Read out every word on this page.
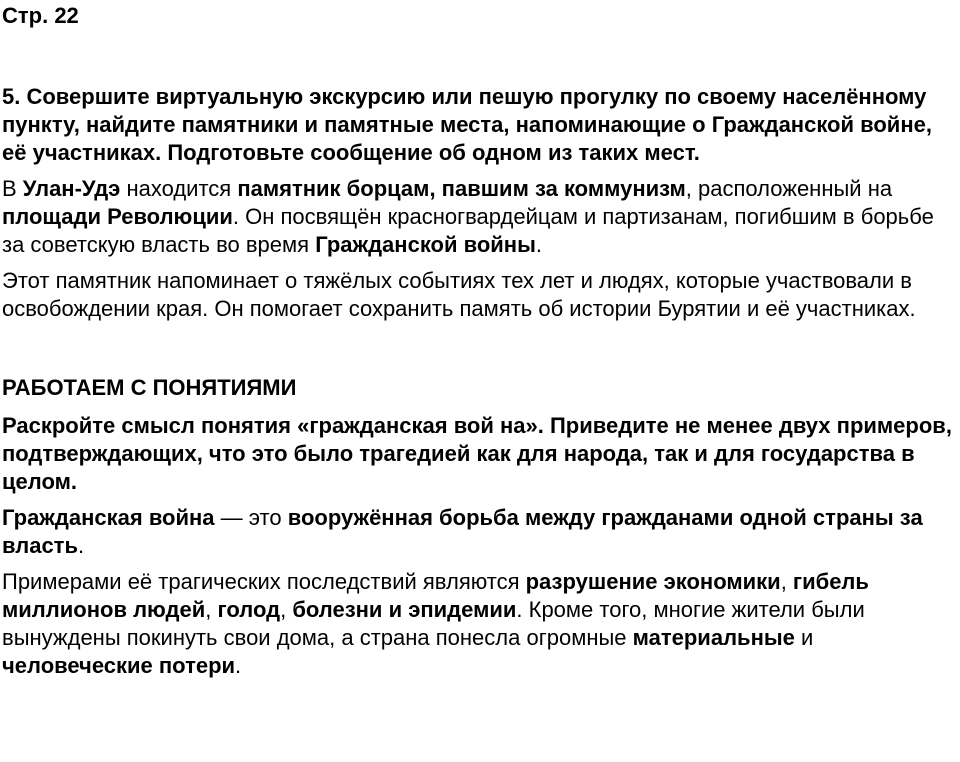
Стр. 22
5. Совершите виртуальную экскурсию или пешую прогулку по своему населённому пункту, найдите памятники и памятные места, напоминающие о Гражданской войне, её участниках. Подготовьте сообщение об одном из таких мест.
В Улан-Удэ находится памятник борцам, павшим за коммунизм, расположенный на площади Революции. Он посвящён красногвардейцам и партизанам, погибшим в борьбе за советскую власть во время Гражданской войны.
Этот памятник напоминает о тяжёлых событиях тех лет и людях, которые участвовали в освобождении края. Он помогает сохранить память об истории Бурятии и её участниках.
РАБОТАЕМ С ПОНЯТИЯМИ
Раскройте смысл понятия «гражданская вой на». Приведите не менее двух примеров, подтверждающих, что это было трагедией как для народа, так и для государства в целом.
Гражданская война — это вооружённая борьба между гражданами одной страны за власть.
Примерами её трагических последствий являются разрушение экономики, гибель миллионов людей, голод, болезни и эпидемии. Кроме того, многие жители были вынуждены покинуть свои дома, а страна понесла огромные материальные и человеческие потери.
